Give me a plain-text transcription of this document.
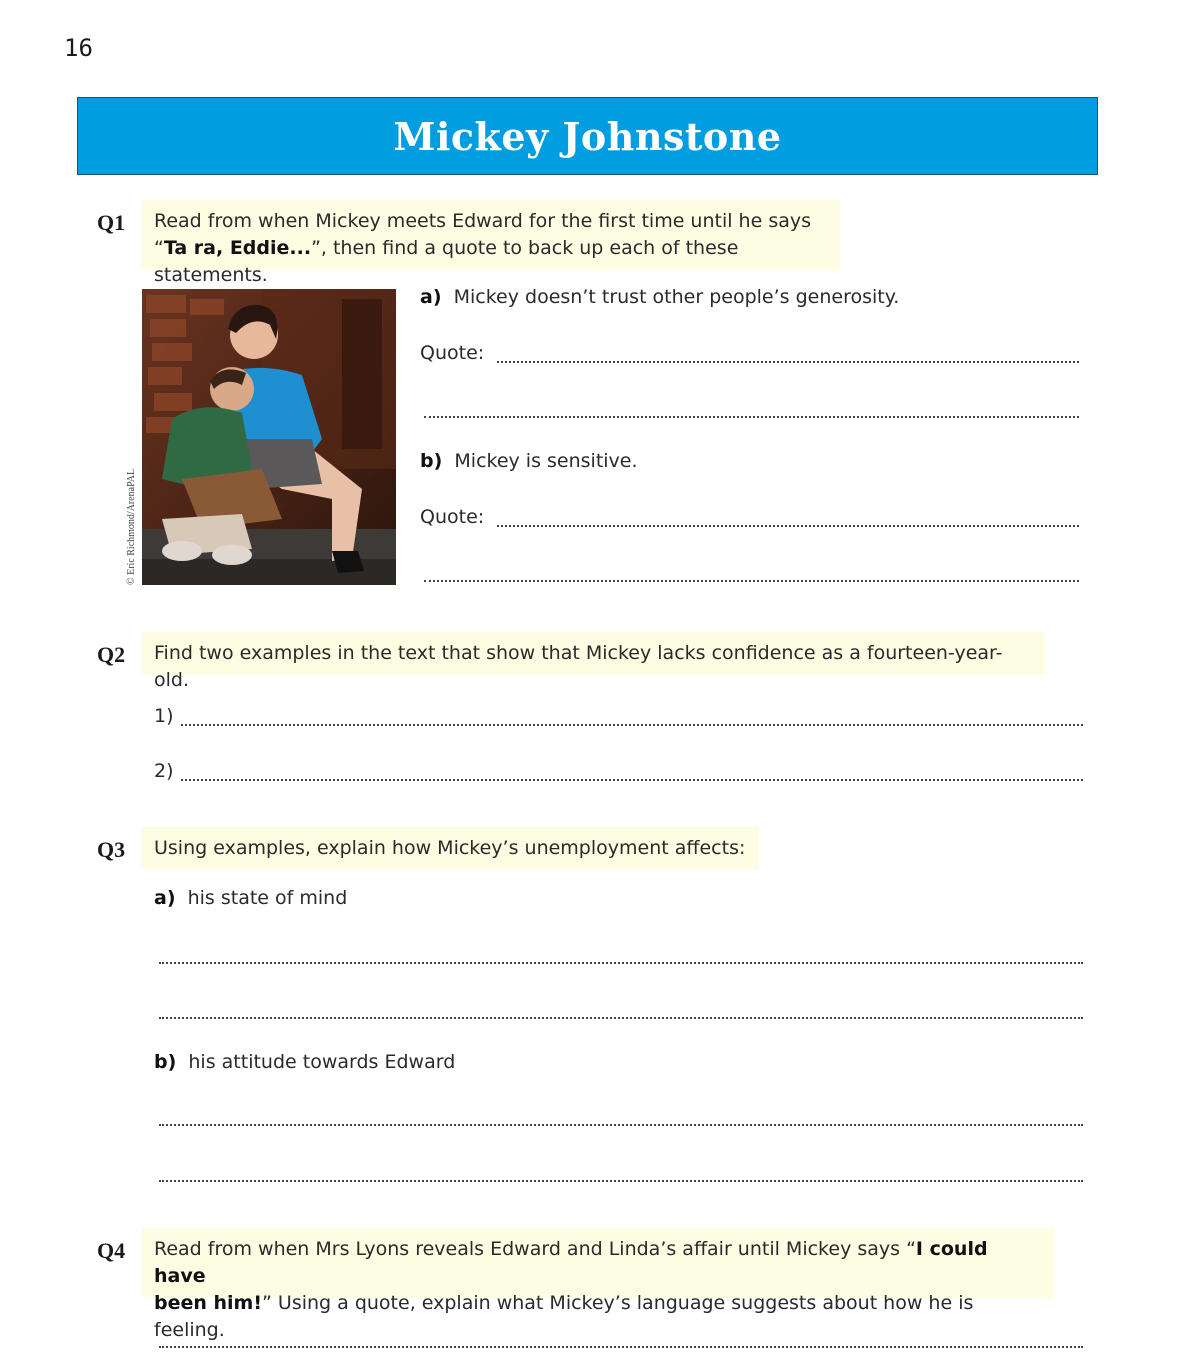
16
Mickey Johnstone
Q1 Read from when Mickey meets Edward for the first time until he says
“Ta ra, Eddie...”, then find a quote to back up each of these statements.
© Eric Richmond/ArenaPAL
a) Mickey doesn’t trust other people’s generosity.
Quote:
b) Mickey is sensitive.
Quote:
Q2	Find two examples in the text that show that Mickey lacks confidence as a fourteen-year-old.
1)
2)
Q3	Using examples, explain how Mickey’s unemployment affects:
a) his state of mind
b) his attitude towards Edward
Q4 Read from when Mrs Lyons reveals Edward and Linda’s affair until Mickey says “I could have
been him!” Using a quote, explain what Mickey’s language suggests about how he is feeling.
